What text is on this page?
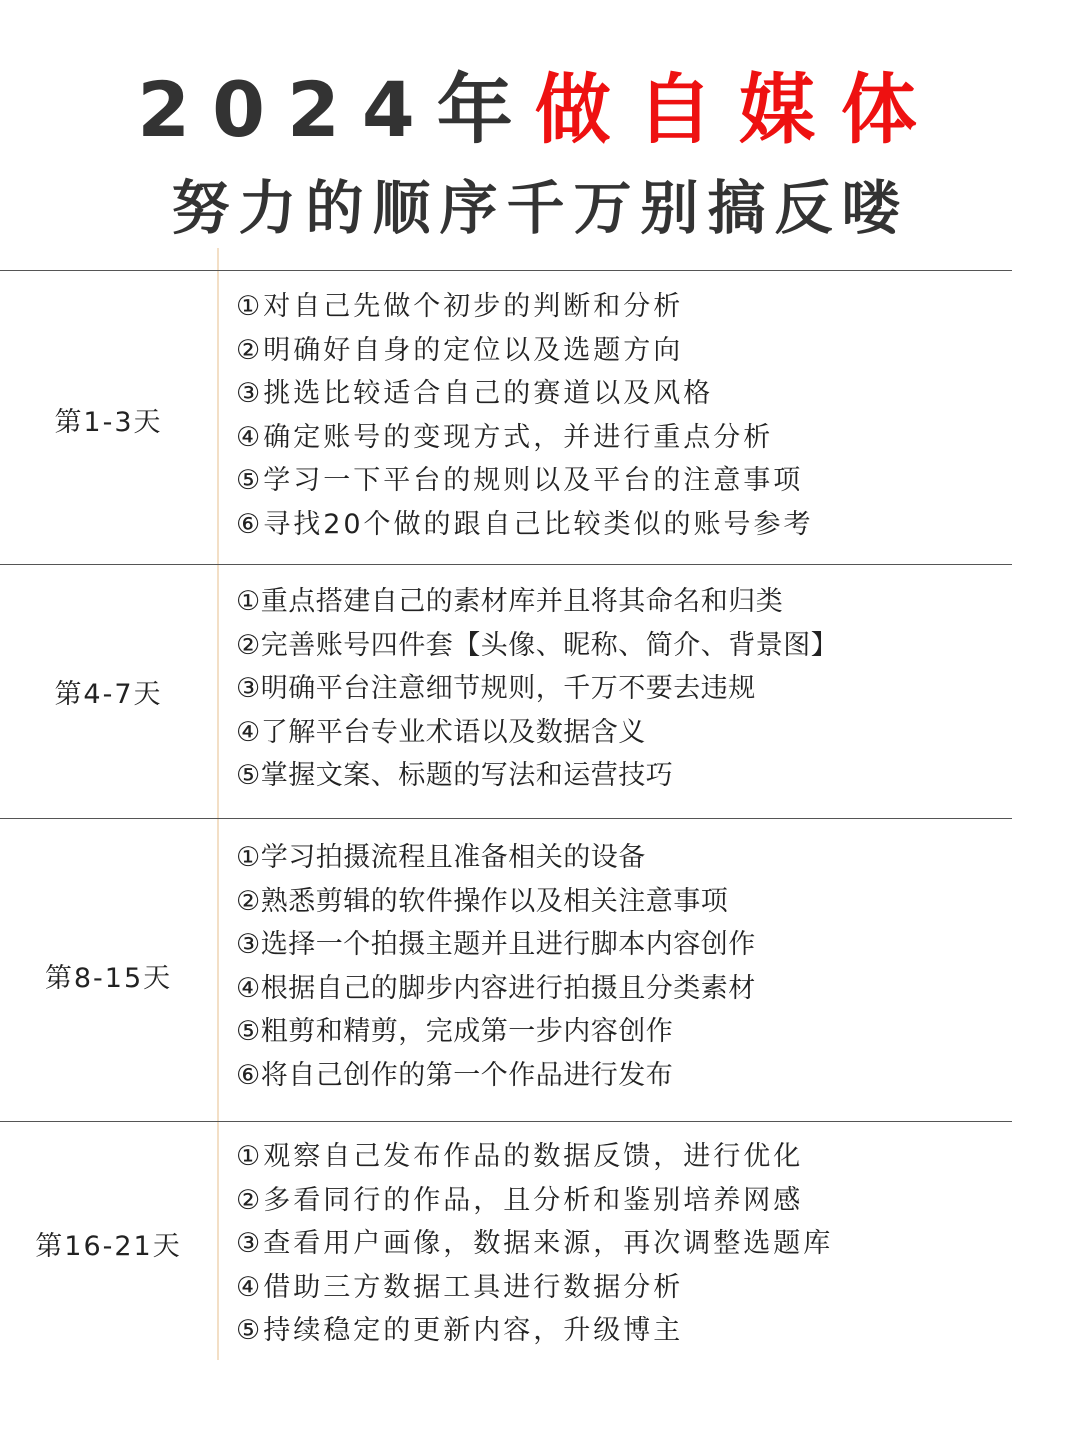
2024年做自媒体
努力的顺序千万别搞反喽
第1-3天
①对自己先做个初步的判断和分析
②明确好自身的定位以及选题方向
③挑选比较适合自己的赛道以及风格
④确定账号的变现方式，并进行重点分析
⑤学习一下平台的规则以及平台的注意事项
⑥寻找20个做的跟自己比较类似的账号参考
第4-7天
①重点搭建自己的素材库并且将其命名和归类
②完善账号四件套【头像、昵称、简介、背景图】
③明确平台注意细节规则，千万不要去违规
④了解平台专业术语以及数据含义
⑤掌握文案、标题的写法和运营技巧
第8-15天
①学习拍摄流程且准备相关的设备
②熟悉剪辑的软件操作以及相关注意事项
③选择一个拍摄主题并且进行脚本内容创作
④根据自己的脚步内容进行拍摄且分类素材
⑤粗剪和精剪，完成第一步内容创作
⑥将自己创作的第一个作品进行发布
第16-21天
①观察自己发布作品的数据反馈，进行优化
②多看同行的作品，且分析和鉴别培养网感
③查看用户画像，数据来源，再次调整选题库
④借助三方数据工具进行数据分析
⑤持续稳定的更新内容，升级博主
